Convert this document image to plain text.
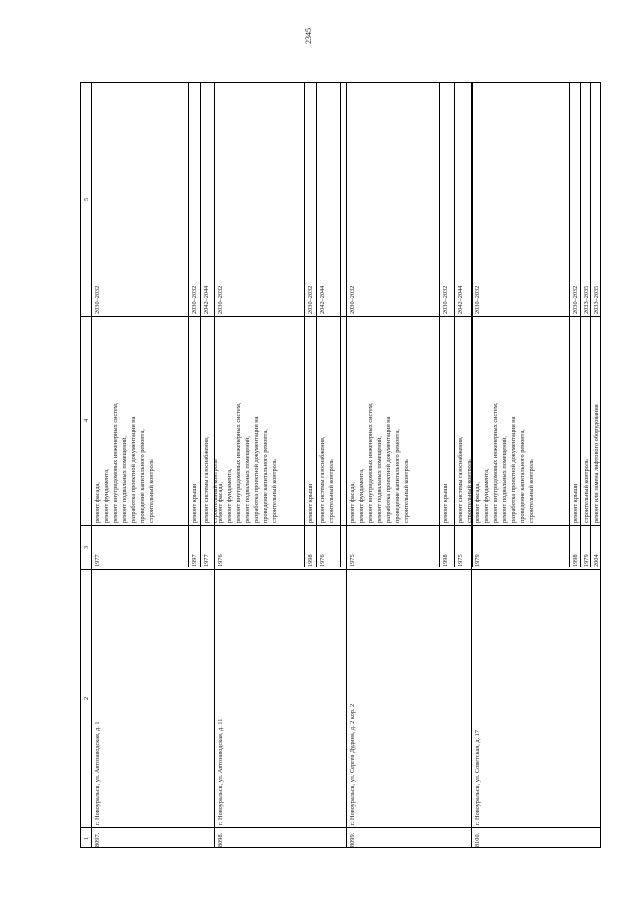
2345
1
2
3
4
5
8097.
г. Новоуральск, ул. Автозаводская, д. 1
1977
ремонт фасада,
ремонт фундамента,
ремонт внутридомовых инженерных систем,
ремонт подвальных помещений,
разработка проектной документации на
проведение капитального ремонта,
строительный контроль
2030–2032
1997
ремонт крыши
2030–2032
1977
ремонт системы газоснабжения,
строительный контроль
2042–2044
8098.
г. Новоуральск, ул. Автозаводская, д. 11
1976
ремонт фасада,
ремонт фундамента,
ремонт внутридомовых инженерных систем,
ремонт подвальных помещений,
разработка проектной документации на
проведение капитального ремонта,
строительный контроль
2030–2032
1998
ремонт крыши
2030–2032
1976
ремонт системы газоснабжения,
строительный контроль
2042–2044
8099.
г. Новоуральск, ул. Сергея Дудина, д. 2 кор. 2
1975
ремонт фасада,
ремонт фундамента,
ремонт внутридомовых инженерных систем,
ремонт подвальных помещений,
разработка проектной документации на
проведение капитального ремонта,
строительный контроль
2030–2032
1998
ремонт крыши
2030–2032
1975
ремонт системы газоснабжения,
строительный контроль
2042–2044
8100.
г. Новоуральск, ул. Советская, д. 17
1979
ремонт фасада,
ремонт фундамента,
ремонт внутридомовых инженерных систем,
ремонт подвальных помещений,
разработка проектной документации на
проведение капитального ремонта,
строительный контроль
2030–2032
1998
ремонт крыши
2030–2032
1979
строительный контроль
2033–2035
2004
ремонт или замена лифтового оборудования
2033–2035
